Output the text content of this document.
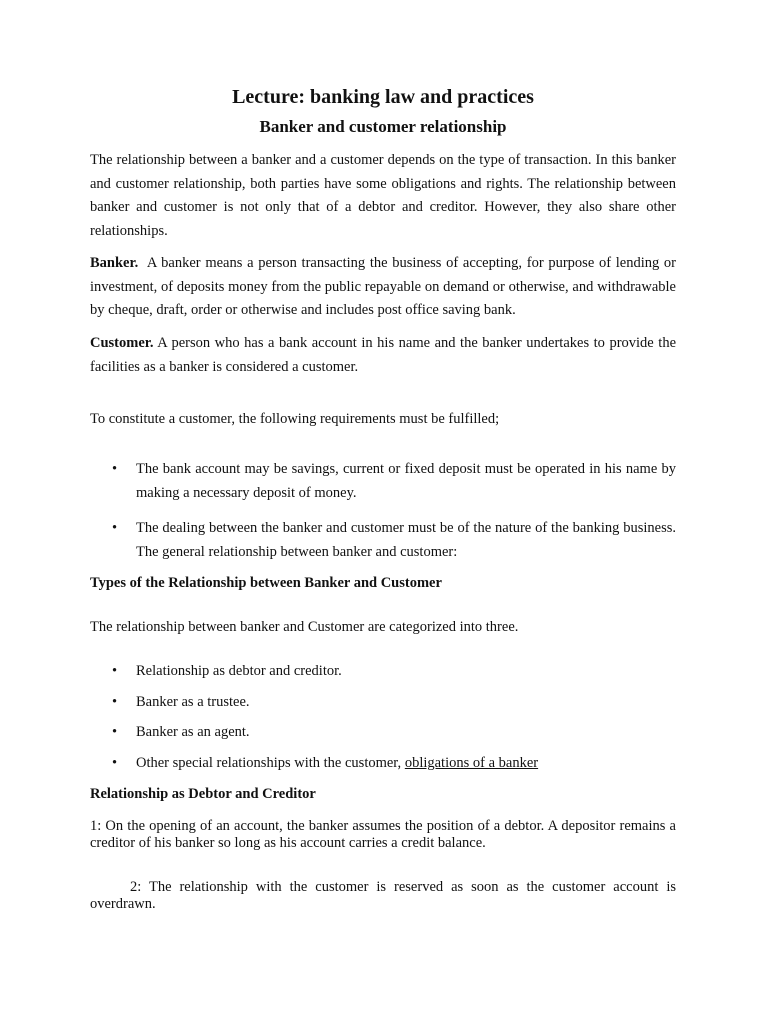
Lecture: banking law and practices
Banker and customer relationship

The relationship between a banker and a customer depends on the type of transaction. In this banker and customer relationship, both parties have some obligations and rights. The relationship between banker and customer is not only that of a debtor and creditor. However, they also share other relationships.

Banker. A banker means a person transacting the business of accepting, for purpose of lending or investment, of deposits money from the public repayable on demand or otherwise, and withdrawable by cheque, draft, order or otherwise and includes post office saving bank.

Customer. A person who has a bank account in his name and the banker undertakes to provide the facilities as a banker is considered a customer.

To constitute a customer, the following requirements must be fulfilled;

• The bank account may be savings, current or fixed deposit must be operated in his name by making a necessary deposit of money.
• The dealing between the banker and customer must be of the nature of the banking business. The general relationship between banker and customer:
Types of the Relationship between Banker and Customer

The relationship between banker and Customer are categorized into three.

• Relationship as debtor and creditor.
• Banker as a trustee.
• Banker as an agent.
• Other special relationships with the customer, obligations of a banker
Relationship as Debtor and Creditor

1: On the opening of an account, the banker assumes the position of a debtor. A depositor remains a creditor of his banker so long as his account carries a credit balance.

2: The relationship with the customer is reserved as soon as the customer account is overdrawn.
